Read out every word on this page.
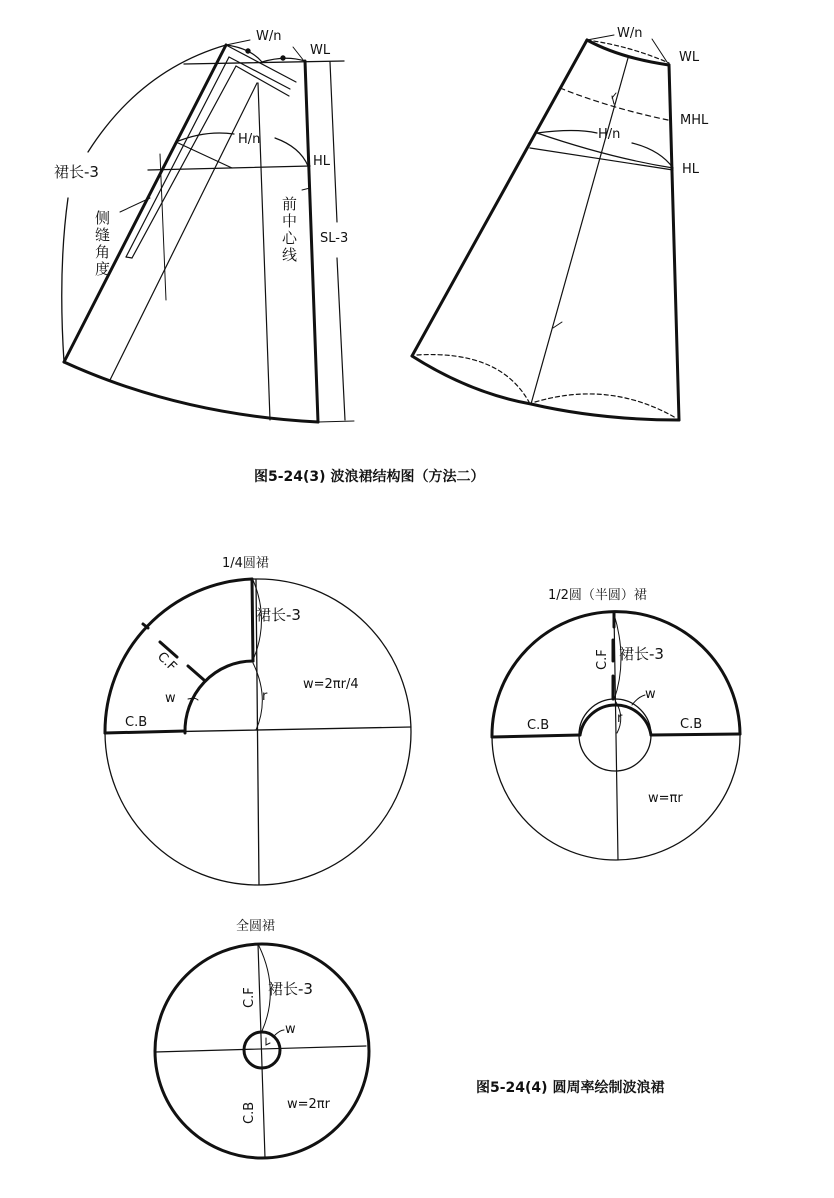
W/n
WL
H/n
HL
裙长-3
侧缝角度	前中心线 SL-3
W/n
WL
MHL
H/n
HL
图5-24(3) 波浪裙结构图（方法二）
1/4圆裙
裙长-3
C.F
w	r
C.B
w=2πr/4
1/2圆（半圆）裙
C.F 裙长-3
w
r
C.B	C.B
w=πr
全圆裙
C.F 裙长-3
w
C.B w=2πr
图5-24(4) 圆周率绘制波浪裙
